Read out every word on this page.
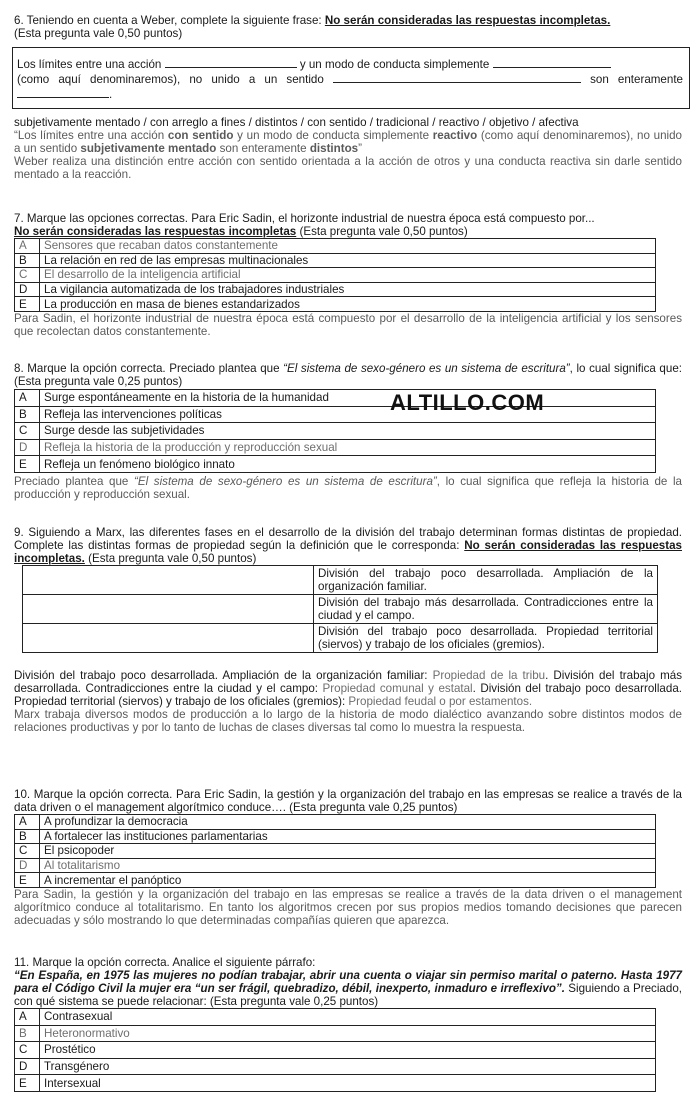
6. Teniendo en cuenta a Weber, complete la siguiente frase: No serán consideradas las respuestas incompletas.
(Esta pregunta vale 0,50 puntos)

Los límites entre una acción	y un modo de conducta simplemente
(como aquí denominaremos), no unido a un sentido	son enteramente.

subjetivamente mentado / con arreglo a fines / distintos / con sentido / tradicional / reactivo / objetivo / afectiva

“Los límites entre una acción con sentido y un modo de conducta simplemente reactivo (como aquí denominaremos), no unido a un sentido subjetivamente mentado son enteramente distintos”

Weber realiza una distinción entre acción con sentido orientada a la acción de otros y una conducta reactiva sin darle sentido mentado a la reacción.

7. Marque las opciones correctas. Para Eric Sadin, el horizonte industrial de nuestra época está compuesto por...
No serán consideradas las respuestas incompletas (Esta pregunta vale 0,50 puntos)

A	Sensores que recaban datos constantemente
B	La relación en red de las empresas multinacionales
C	El desarrollo de la inteligencia artificial
D	La vigilancia automatizada de los trabajadores industriales
E	La producción en masa de bienes estandarizados

Para Sadin, el horizonte industrial de nuestra época está compuesto por el desarrollo de la inteligencia artificial y los sensores que recolectan datos constantemente.

8. Marque la opción correcta. Preciado plantea que “El sistema de sexo-género es un sistema de escritura”, lo cual significa que: (Esta pregunta vale 0,25 puntos)

A	Surge espontáneamente en la historia de la humanidad
B	Refleja las intervenciones políticas
C	Surge desde las subjetividades
D	Refleja la historia de la producción y reproducción sexual
E	Refleja un fenómeno biológico innato

Preciado plantea que “El sistema de sexo-género es un sistema de escritura”, lo cual significa que refleja la historia de la producción y reproducción sexual.

ALTILLO.COM

9. Siguiendo a Marx, las diferentes fases en el desarrollo de la división del trabajo determinan formas distintas de propiedad. Complete las distintas formas de propiedad según la definición que le corresponda: No serán consideradas las respuestas incompletas. (Esta pregunta vale 0,50 puntos)

	División del trabajo poco desarrollada. Ampliación de la organización familiar.
	División del trabajo más desarrollada. Contradicciones entre la ciudad y el campo.
	División del trabajo poco desarrollada. Propiedad territorial (siervos) y trabajo de los oficiales (gremios).

División del trabajo poco desarrollada. Ampliación de la organización familiar: Propiedad de la tribu. División del trabajo más desarrollada. Contradicciones entre la ciudad y el campo: Propiedad comunal y estatal. División del trabajo poco desarrollada. Propiedad territorial (siervos) y trabajo de los oficiales (gremios): Propiedad feudal o por estamentos.

Marx trabaja diversos modos de producción a lo largo de la historia de modo dialéctico avanzando sobre distintos modos de relaciones productivas y por lo tanto de luchas de clases diversas tal como lo muestra la respuesta.

10. Marque la opción correcta. Para Eric Sadin, la gestión y la organización del trabajo en las empresas se realice a través de la data driven o el management algorítmico conduce…. (Esta pregunta vale 0,25 puntos)

A	A profundizar la democracia
B	A fortalecer las instituciones parlamentarias
C	El psicopoder
D	Al totalitarismo
E	A incrementar el panóptico

Para Sadin, la gestión y la organización del trabajo en las empresas se realice a través de la data driven o el management algorítmico conduce al totalitarismo. En tanto los algoritmos crecen por sus propios medios tomando decisiones que parecen adecuadas y sólo mostrando lo que determinadas compañías quieren que aparezca.

11. Marque la opción correcta. Analice el siguiente párrafo:

“En España, en 1975 las mujeres no podían trabajar, abrir una cuenta o viajar sin permiso marital o paterno. Hasta 1977 para el Código Civil la mujer era “un ser frágil, quebradizo, débil, inexperto, inmaduro e irreflexivo”. Siguiendo a Preciado, con qué sistema se puede relacionar: (Esta pregunta vale 0,25 puntos)

A	Contrasexual
B	Heteronormativo
C	Prostético
D	Transgénero
E	Intersexual
